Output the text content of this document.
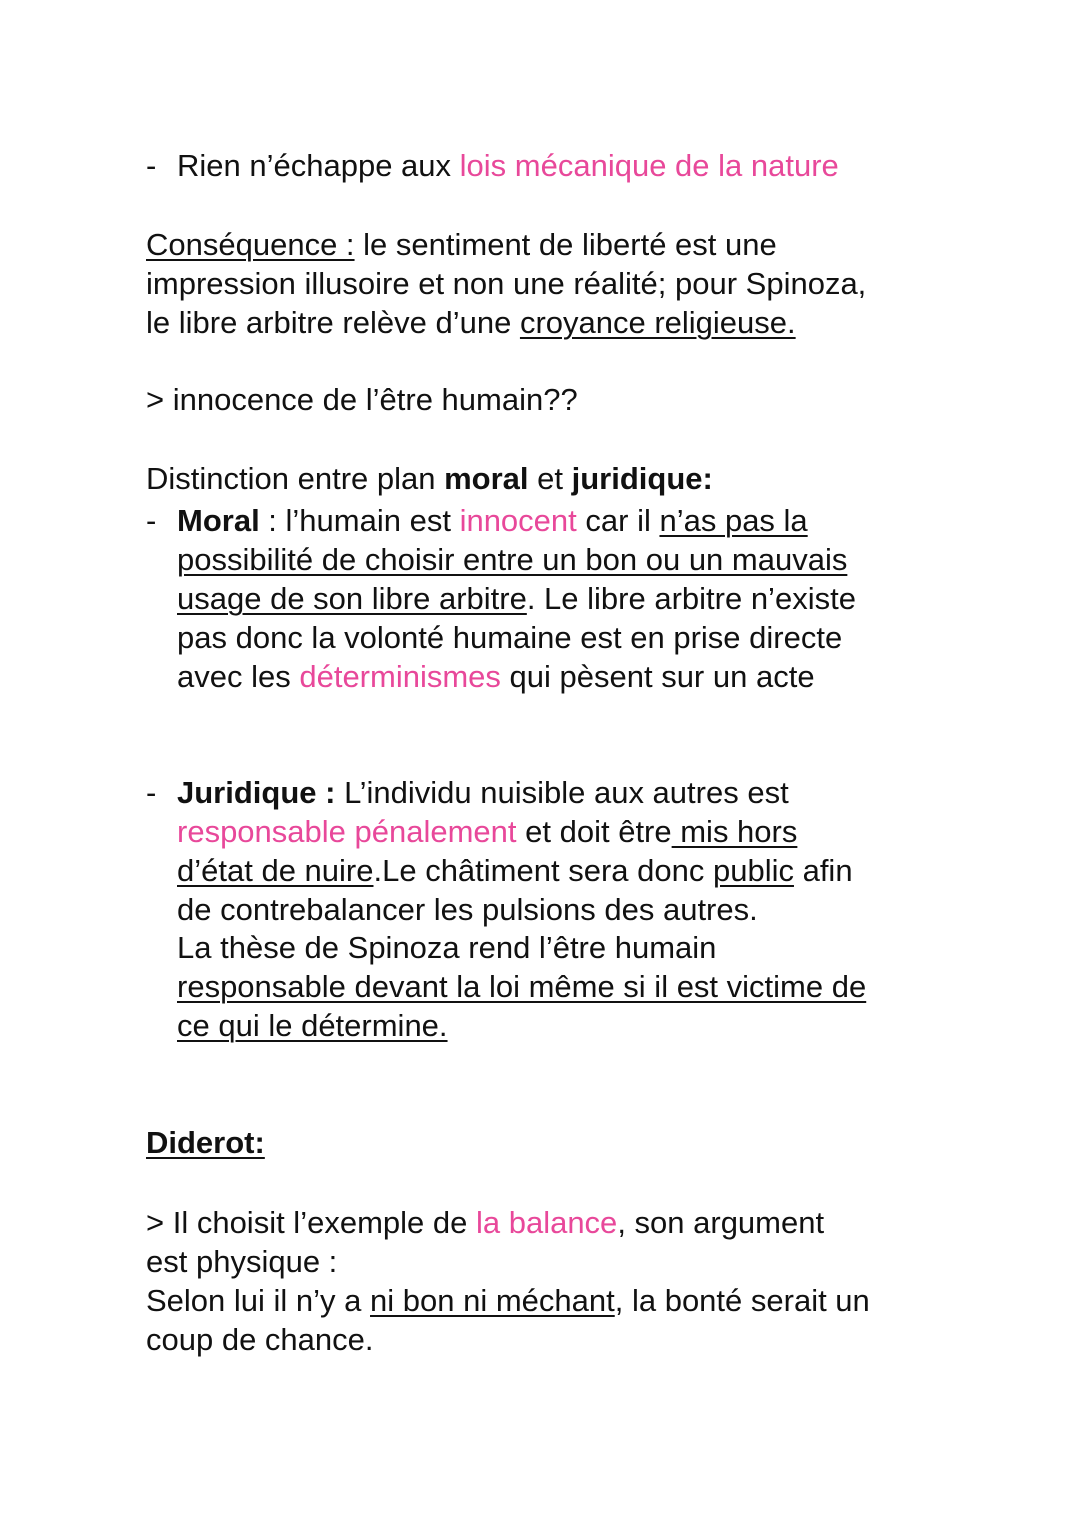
- Rien n’échappe aux lois mécanique de la nature
Conséquence : le sentiment de liberté est une
impression illusoire et non une réalité; pour Spinoza,
le libre arbitre relève d’une croyance religieuse.
> innocence de l’être humain??
Distinction entre plan moral et juridique:
- Moral : l’humain est innocent car il n’as pas la
possibilité de choisir entre un bon ou un mauvais
usage de son libre arbitre. Le libre arbitre n’existe
pas donc la volonté humaine est en prise directe
avec les déterminismes qui pèsent sur un acte
- Juridique : L’individu nuisible aux autres est
responsable pénalement et doit être mis hors
d’état de nuire.Le châtiment sera donc public afin
de contrebalancer les pulsions des autres.
La thèse de Spinoza rend l’être humain
responsable devant la loi même si il est victime de
ce qui le détermine.
Diderot:
> Il choisit l’exemple de la balance, son argument
est physique :
Selon lui il n’y a ni bon ni méchant, la bonté serait un
coup de chance.
